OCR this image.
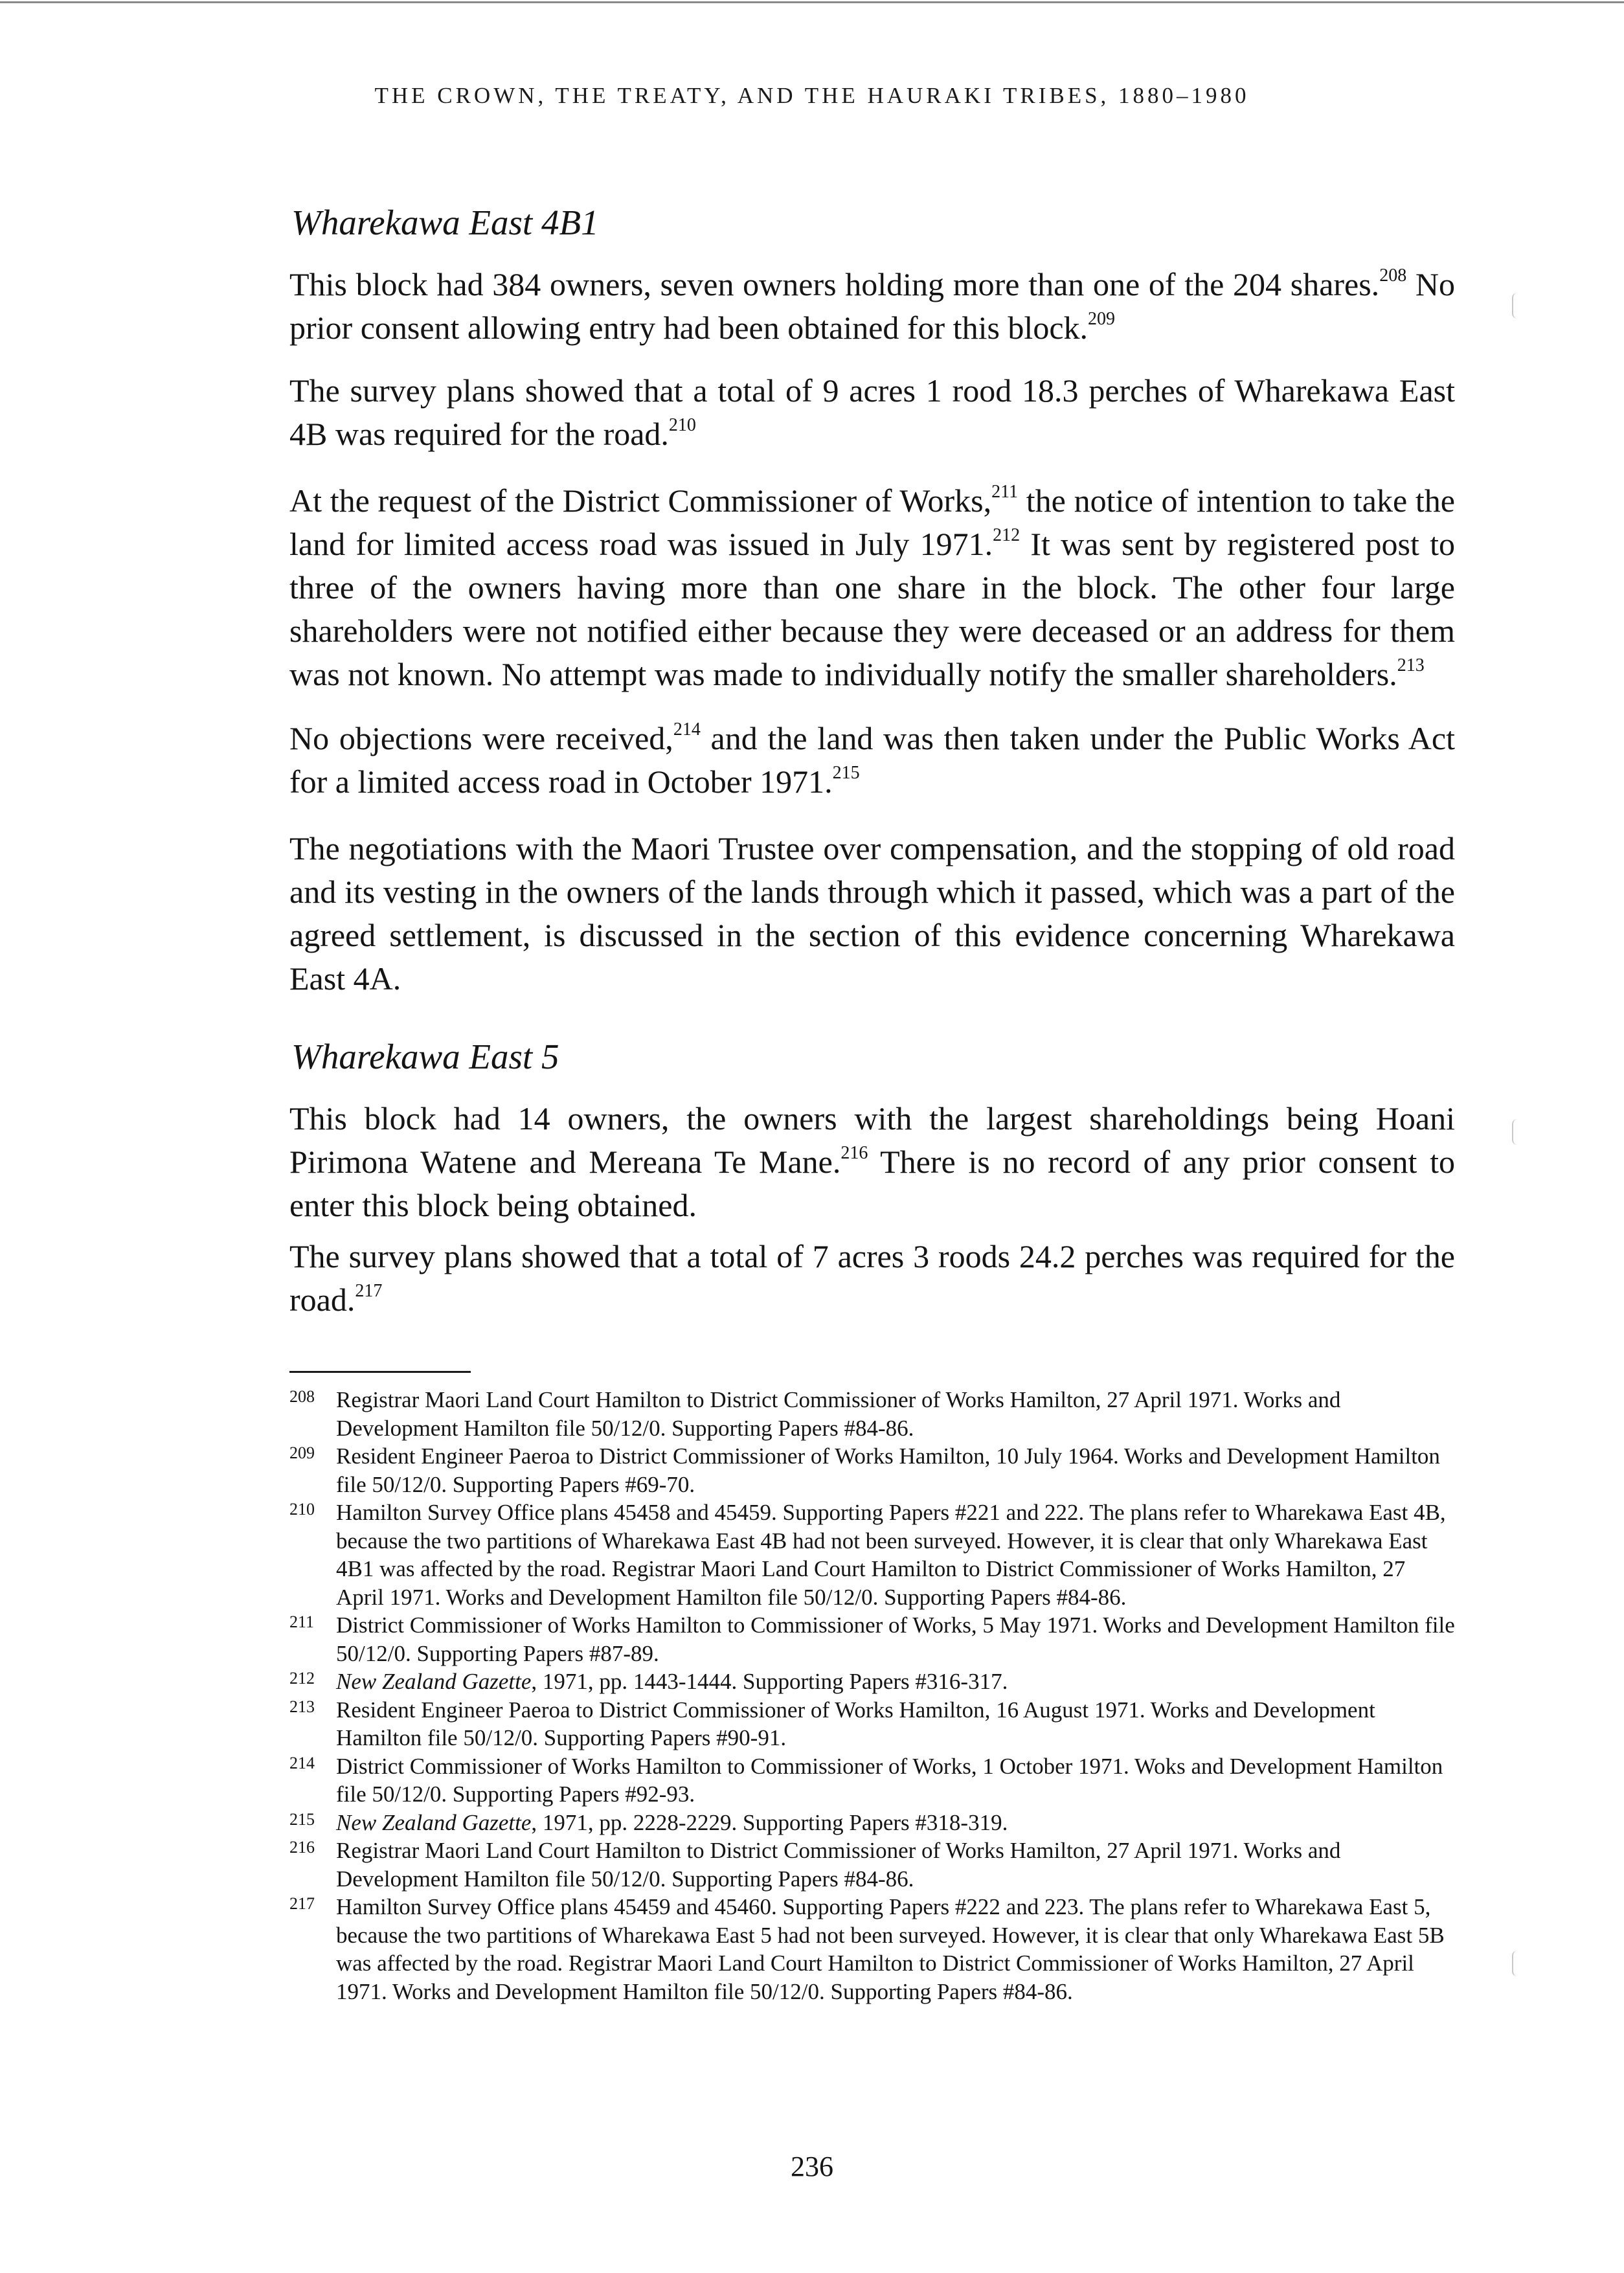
THE CROWN, THE TREATY, AND THE HAURAKI TRIBES, 1880–1980
Wharekawa East 4B1

This block had 384 owners, seven owners holding more than one of the 204 shares.$^{208}$ No prior consent allowing entry had been obtained for this block.$^{209}$

The survey plans showed that a total of 9 acres 1 rood 18.3 perches of Wharekawa East 4B was required for the road.$^{210}$

At the request of the District Commissioner of Works,$^{211}$ the notice of intention to take the land for limited access road was issued in July 1971.$^{212}$ It was sent by registered post to three of the owners having more than one share in the block. The other four large shareholders were not notified either because they were deceased or an address for them was not known. No attempt was made to individually notify the smaller shareholders.$^{213}$

No objections were received,$^{214}$ and the land was then taken under the Public Works Act for a limited access road in October 1971.$^{215}$

The negotiations with the Maori Trustee over compensation, and the stopping of old road and its vesting in the owners of the lands through which it passed, which was a part of the agreed settlement, is discussed in the section of this evidence concerning Wharekawa East 4A.

Wharekawa East 5

This block had 14 owners, the owners with the largest shareholdings being Hoani Pirimona Watene and Mereana Te Mane.$^{216}$ There is no record of any prior consent to enter this block being obtained.

The survey plans showed that a total of 7 acres 3 roods 24.2 perches was required for the road.$^{217}$

208 Registrar Maori Land Court Hamilton to District Commissioner of Works Hamilton, 27 April 1971. Works and Development Hamilton file 50/12/0. Supporting Papers #84-86.
209 Resident Engineer Paeroa to District Commissioner of Works Hamilton, 10 July 1964. Works and Development Hamilton file 50/12/0. Supporting Papers #69-70.
210 Hamilton Survey Office plans 45458 and 45459. Supporting Papers #221 and 222. The plans refer to Wharekawa East 4B, because the two partitions of Wharekawa East 4B had not been surveyed. However, it is clear that only Wharekawa East 4B1 was affected by the road. Registrar Maori Land Court Hamilton to District Commissioner of Works Hamilton, 27 April 1971. Works and Development Hamilton file 50/12/0. Supporting Papers #84-86.
211 District Commissioner of Works Hamilton to Commissioner of Works, 5 May 1971. Works and Development Hamilton file 50/12/0. Supporting Papers #87-89.
212 New Zealand Gazette, 1971, pp. 1443-1444. Supporting Papers #316-317.
213 Resident Engineer Paeroa to District Commissioner of Works Hamilton, 16 August 1971. Works and Development Hamilton file 50/12/0. Supporting Papers #90-91.
214 District Commissioner of Works Hamilton to Commissioner of Works, 1 October 1971. Woks and Development Hamilton file 50/12/0. Supporting Papers #92-93.
215 New Zealand Gazette, 1971, pp. 2228-2229. Supporting Papers #318-319.
216 Registrar Maori Land Court Hamilton to District Commissioner of Works Hamilton, 27 April 1971. Works and Development Hamilton file 50/12/0. Supporting Papers #84-86.
217 Hamilton Survey Office plans 45459 and 45460. Supporting Papers #222 and 223. The plans refer to Wharekawa East 5, because the two partitions of Wharekawa East 5 had not been surveyed. However, it is clear that only Wharekawa East 5B was affected by the road. Registrar Maori Land Court Hamilton to District Commissioner of Works Hamilton, 27 April 1971. Works and Development Hamilton file 50/12/0. Supporting Papers #84-86.
236
